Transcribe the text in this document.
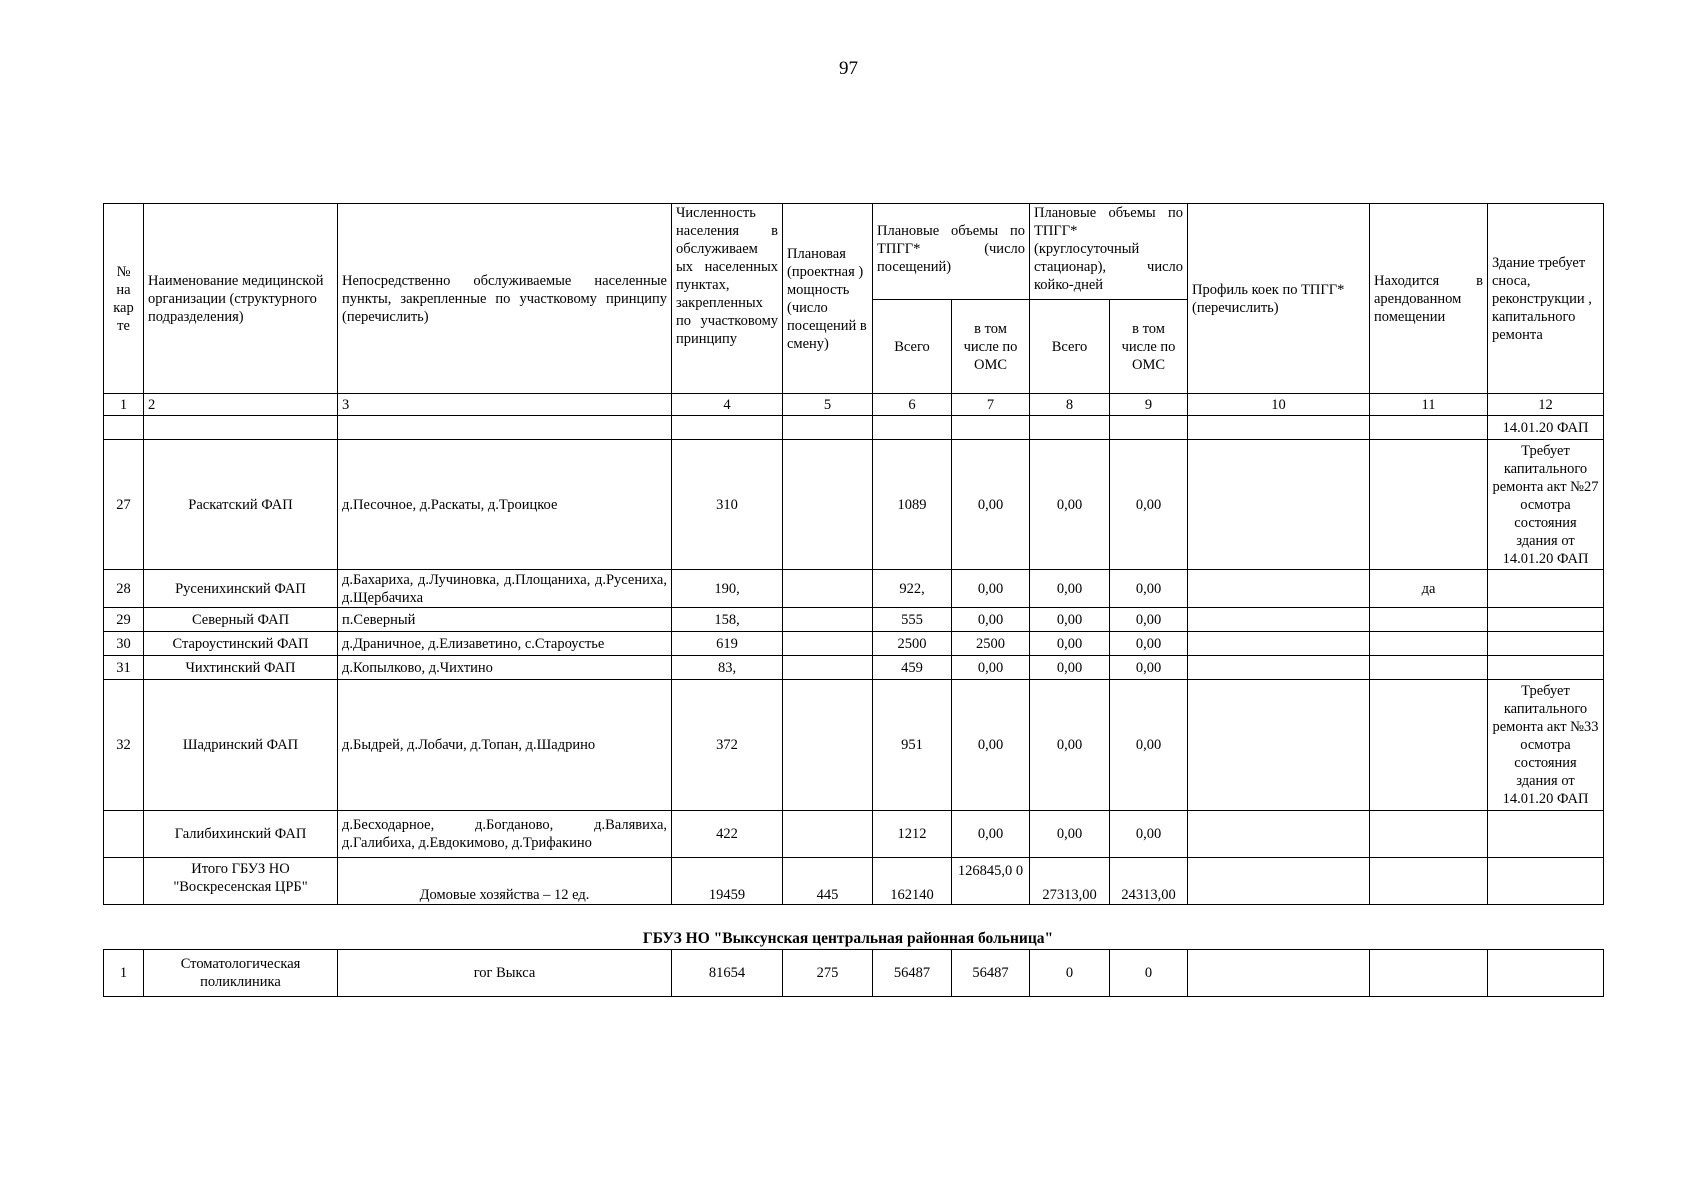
97
№ на кар те	Наименование медицинской организации (структурного подразделения)	Непосредственно обслуживаемые населенные пункты, закрепленные по участковому принципу (перечислить)	Численность населения в обслуживаем ых населенных пунктах, закрепленных по участковому принципу	Плановая (проектная ) мощность (число посещений в смену)	Плановые объемы по ТПГГ* (число посещений)		Плановые объемы по ТПГГ* (круглосуточный стационар), число койко-дней		Профиль коек по ТПГГ* (перечислить)	Находится в арендованном помещении	Здание требует сноса, реконструкции , капитального ремонта
					Всего	в том числе по ОМС	Всего	в том числе по ОМС			
1	2	3	4	5	6	7	8	9	10	11	12
											14.01.20 ФАП
27	Раскатский ФАП	д.Песочное, д.Раскаты, д.Троицкое	310		1089	0,00	0,00	0,00			Требует капитального ремонта акт №27 осмотра состояния здания от 14.01.20 ФАП
28	Русенихинский ФАП	д.Бахариха, д.Лучиновка, д.Площаниха, д.Русениха, д.Щербачиха	190,		922,	0,00	0,00	0,00		да	
29	Северный ФАП	п.Северный	158,		555	0,00	0,00	0,00			
30	Староустинский ФАП	д.Драничное, д.Елизаветино, с.Староустье	619		2500	2500	0,00	0,00			
31	Чихтинский ФАП	д.Копылково, д.Чихтино	83,		459	0,00	0,00	0,00			
32	Шадринский ФАП	д.Быдрей, д.Лобачи, д.Топан, д.Шадрино	372		951	0,00	0,00	0,00			Требует капитального ремонта акт №33 осмотра состояния здания от 14.01.20 ФАП
	Галибихинский ФАП	д.Бесходарное, д.Богданово, д.Валявиха, д.Галибиха, д.Евдокимово, д.Трифакино	422		1212	0,00	0,00	0,00			
	Итого ГБУЗ НО "Воскресенская ЦРБ"	Домовые хозяйства – 12 ед.	19459	445	162140	126845,0 0	27313,00	24313,00			
ГБУЗ НО "Выксунская центральная районная больница"
1	Стоматологическая поликлиника	гог Выкса	81654	275	56487	56487	0	0			
